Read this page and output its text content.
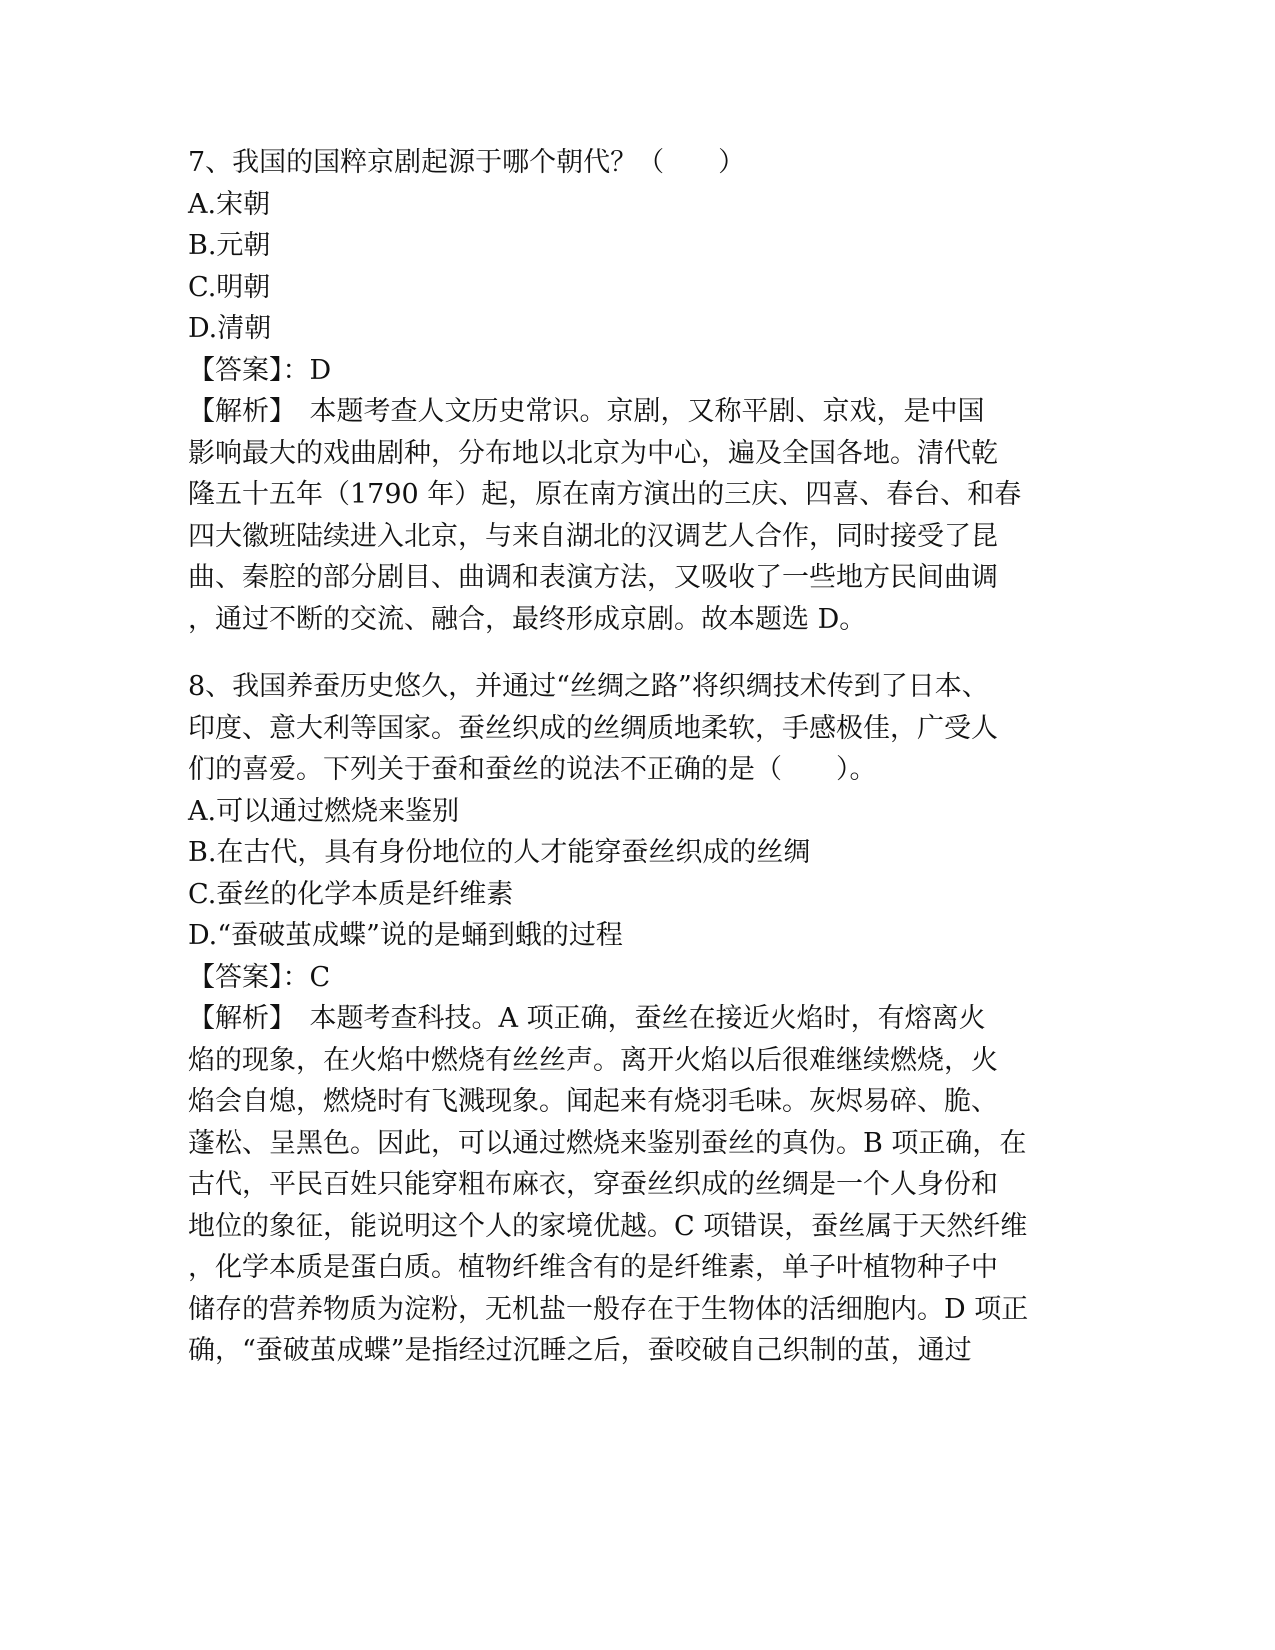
7、我国的国粹京剧起源于哪个朝代？（　　）
A.宋朝
B.元朝
C.明朝
D.清朝
【答案】：D
【解析】　本题考查人文历史常识。京剧，又称平剧、京戏，是中国
影响最大的戏曲剧种，分布地以北京为中心，遍及全国各地。清代乾
隆五十五年（1790 年）起，原在南方演出的三庆、四喜、春台、和春
四大徽班陆续进入北京，与来自湖北的汉调艺人合作，同时接受了昆
曲、秦腔的部分剧目、曲调和表演方法，又吸收了一些地方民间曲调
，通过不断的交流、融合，最终形成京剧。故本题选 D。
8、我国养蚕历史悠久，并通过“丝绸之路”将织绸技术传到了日本、
印度、意大利等国家。蚕丝织成的丝绸质地柔软，手感极佳，广受人
们的喜爱。下列关于蚕和蚕丝的说法不正确的是（　　）。
A.可以通过燃烧来鉴别
B.在古代，具有身份地位的人才能穿蚕丝织成的丝绸
C.蚕丝的化学本质是纤维素
D.“蚕破茧成蝶”说的是蛹到蛾的过程
【答案】：C
【解析】　本题考查科技。A 项正确，蚕丝在接近火焰时，有熔离火
焰的现象，在火焰中燃烧有丝丝声。离开火焰以后很难继续燃烧，火
焰会自熄，燃烧时有飞溅现象。闻起来有烧羽毛味。灰烬易碎、脆、
蓬松、呈黑色。因此，可以通过燃烧来鉴别蚕丝的真伪。B 项正确，在
古代，平民百姓只能穿粗布麻衣，穿蚕丝织成的丝绸是一个人身份和
地位的象征，能说明这个人的家境优越。C 项错误，蚕丝属于天然纤维
，化学本质是蛋白质。植物纤维含有的是纤维素，单子叶植物种子中
储存的营养物质为淀粉，无机盐一般存在于生物体的活细胞内。D 项正
确，“蚕破茧成蝶”是指经过沉睡之后，蚕咬破自己织制的茧，通过
